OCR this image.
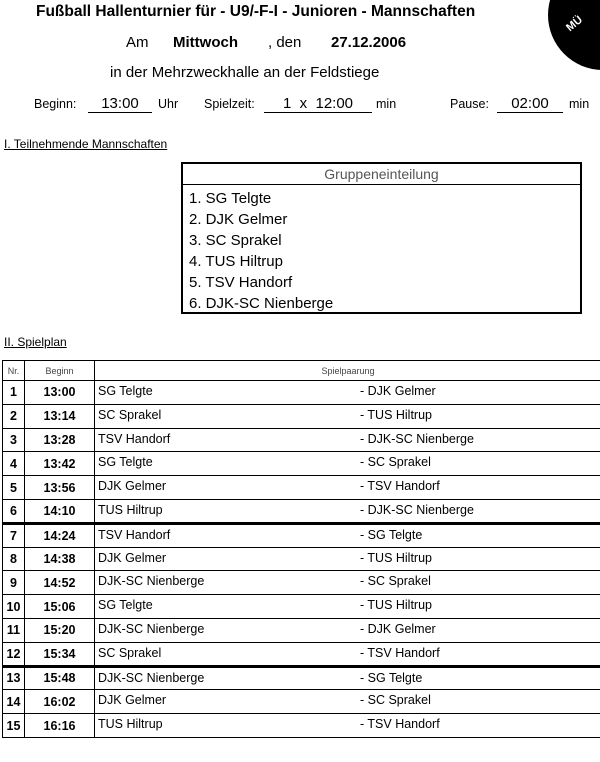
Fußball Hallenturnier für - U9/-F-I - Junioren - Mannschaften
MÜ
Am Mittwoch , den 27.12.2006
in der Mehrzweckhalle an der Feldstiege
Beginn:	13:00	Uhr Spielzeit:	1 x 12:00	min	Pause:	02:00	min
I. Teilnehmende Mannschaften
Gruppeneinteilung
1. SG Telgte
2. DJK Gelmer
3. SC Sprakel
4. TUS Hiltrup
5. TSV Handorf
6. DJK-SC Nienberge
II. Spielplan
Nr.	Beginn	Spielpaarung
1	13:00	SG Telgte - DJK Gelmer

2	13:14	SC Sprakel - TUS Hiltrup

3	13:28	TSV Handorf - DJK-SC Nienberge

4	13:42	SG Telgte - SC Sprakel

5	13:56	DJK Gelmer - TSV Handorf

6	14:10	TUS Hiltrup - DJK-SC Nienberge

7	14:24	TSV Handorf - SG Telgte

8	14:38	DJK Gelmer - TUS Hiltrup

9	14:52	DJK-SC Nienberge - SC Sprakel

10	15:06	SG Telgte - TUS Hiltrup

11	15:20	DJK-SC Nienberge - DJK Gelmer

12	15:34	SC Sprakel - TSV Handorf

13	15:48	DJK-SC Nienberge - SG Telgte

14	16:02	DJK Gelmer - SC Sprakel

15	16:16	TUS Hiltrup - TSV Handorf
